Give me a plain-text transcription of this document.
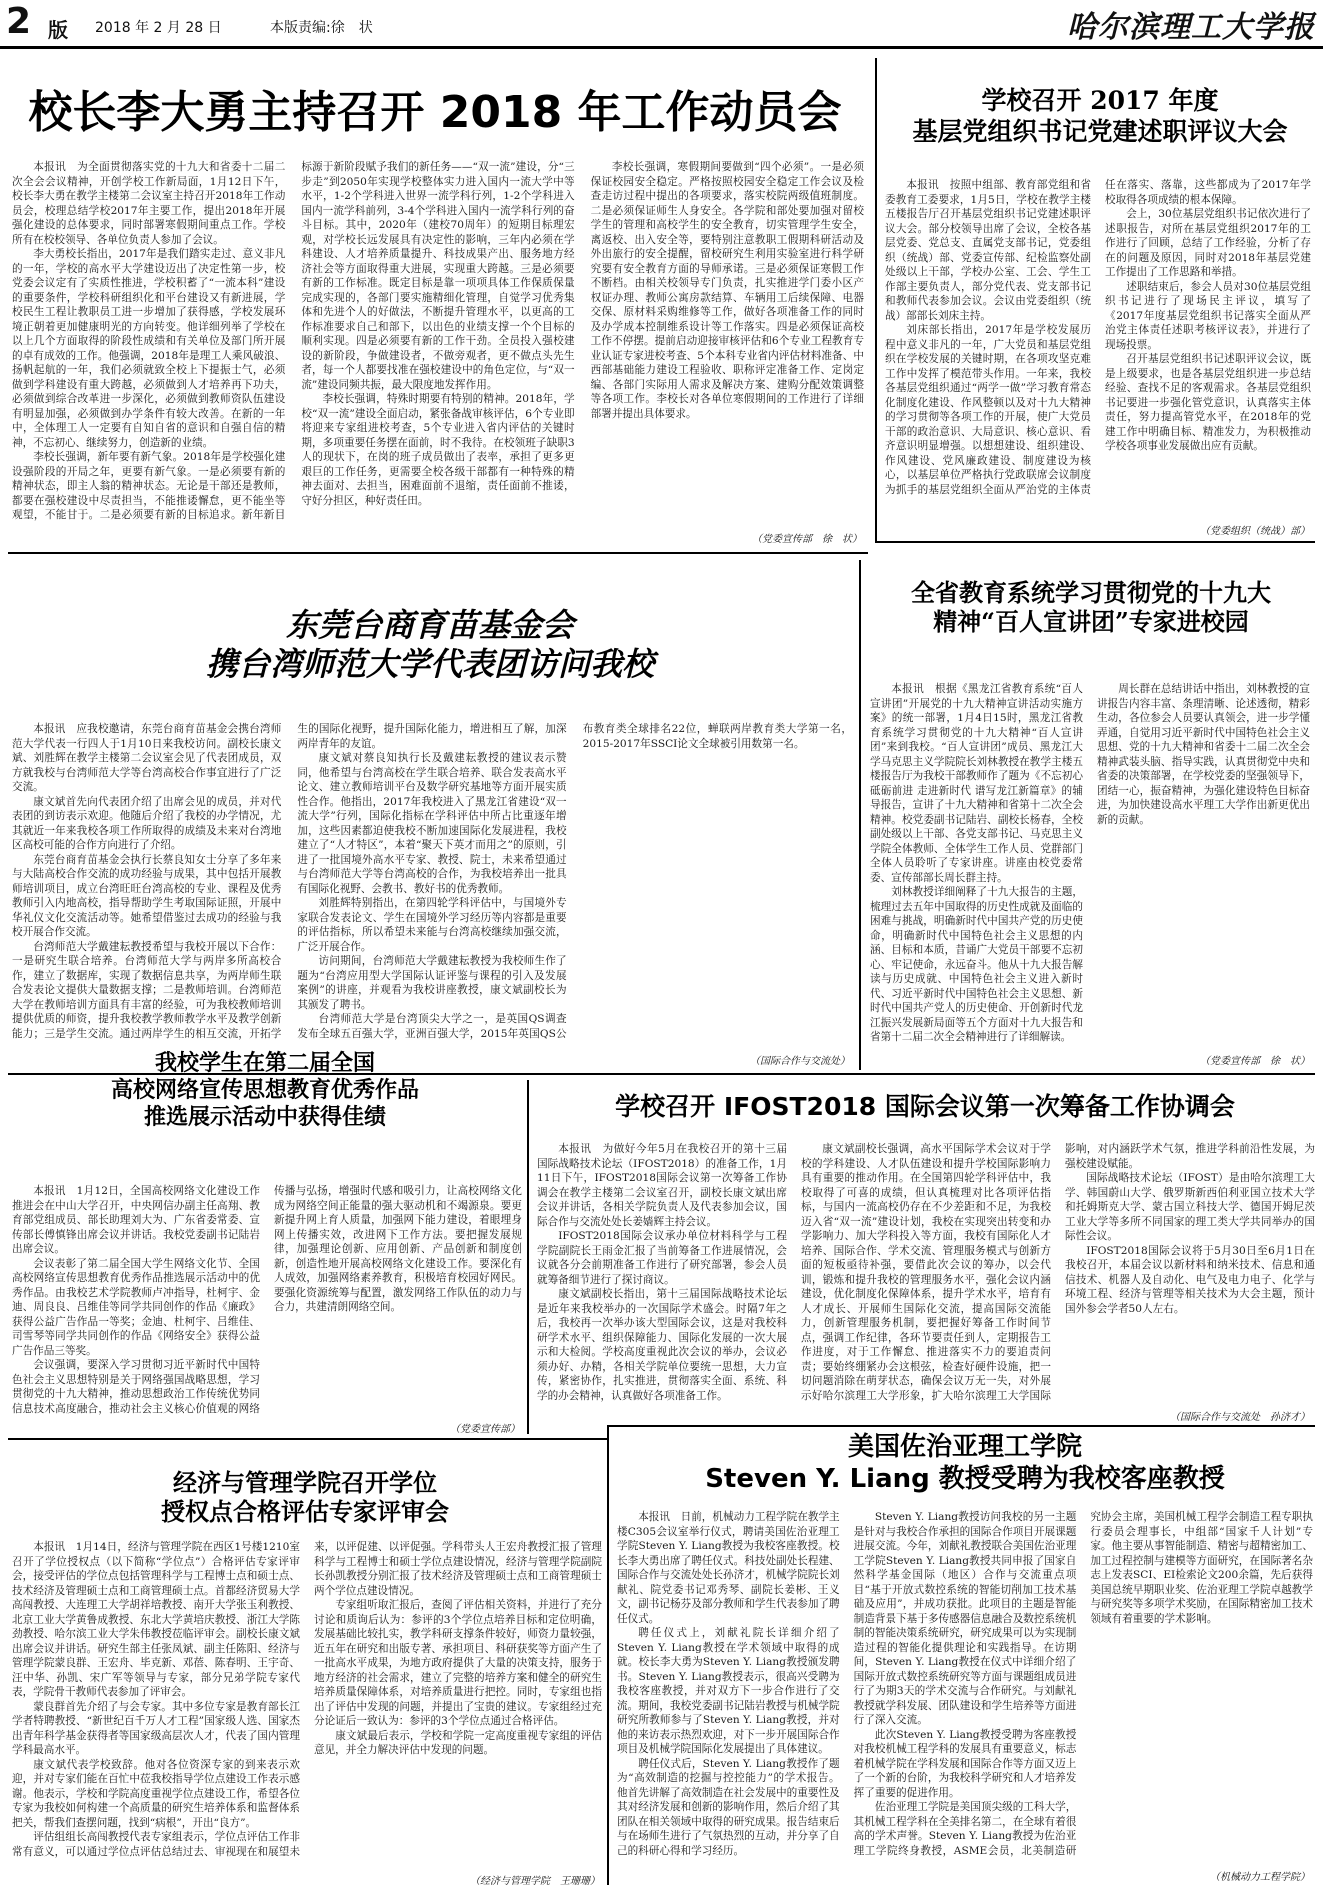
2 版 2018 年 2 月 28 日	本版责编:徐　状	哈尔滨理工大学报
校长李大勇主持召开 2018 年工作动员会

本报讯　为全面贯彻落实党的十九大和省委十二届二次全会会议精神，开创学校工作新局面，1月12日下午，校长李大勇在教学主楼第二会议室主持召开2018年工作动员会，校理总结学校2017年主要工作，提出2018年开展强化建设的总体要求，同时部署寒假期间重点工作。学校所有在校校领导、各单位负责人参加了会议。

李大勇校长指出，2017年是我们踏实走过、意义非凡的一年，学校的高水平大学建设迈出了决定性第一步，校党委会议定有了实质性推进，学校积蓄了“一流本科”建设的重要条件，学校科研组织化和平台建设又有新进展，学校民生工程让教职员工进一步增加了获得感，学校发展环境正朝着更加健康明光的方向转变。他详细列举了学校在以上几个方面取得的阶段性成绩和有关单位及部门所开展的卓有成效的工作。他强调，2018年是理工人乘风破浪、扬帆起航的一年，我们必须就致全校上下提振士气，必须做到学科建设有重大跨越，必须做到人才培养再下功夫，必须做到综合改革进一步深化，必须做到教师资队伍建设有明显加强，必须做到办学条件有较大改善。在新的一年中，全体理工人一定要有自知自省的意识和自强自信的精神，不忘初心、继续努力，创造新的业绩。

李校长强调，新年要有新气象。2018年是学校强化建设强阶段的开局之年，更要有新气象。一是必须要有新的精神状态，即主人翁的精神状态。无论是干部还是教师，都要在强校建设中尽责担当，不能推诿懈怠，更不能坐等观望，不能甘于。二是必须要有新的目标追求。新年新目标源于新阶段赋予我们的新任务——“双一流”建设，分“三步走”到2050年实现学校整体实力进入国内一流大学中等水平，1-2个学科进入世界一流学科行列，1-2个学科进入国内一流学科前列，3-4个学科进入国内一流学科行列的奋斗目标。其中，2020年（建校70周年）的短期目标理宏观，对学校长远发展具有决定性的影响，三年内必须在学科建设、人才培养质量提升、科技成果产出、服务地方经济社会等方面取得重大进展，实现重大跨越。三是必须要有新的工作标准。既定目标是靠一项项具体工作保质保量完成实现的，各部门要实施精细化管理，自觉学习优秀集体和先进个人的好做法，不断提升管理水平，以更高的工作标准要求自己和部下，以出色的业绩支撑一个个目标的顺利实现。四是必须要有新的工作干劲。全员投入强校建设的新阶段，争做建设者，不做旁观者，更不做点头先生者，每一个人都要找准在强校建设中的角色定位，与“双一流”建设同频共振，最大限度地发挥作用。

李校长强调，特殊时期要有特别的精神。2018年，学校“双一流”建设全面启动，紧张备战审核评估，6个专业即将迎来专家组进校考查，5个专业进入省内评估的关键时期，多项重要任务摆在面前，时不我待。在校领班子缺职3人的现状下，在岗的班子成员做出了表率，承担了更多更艰巨的工作任务，更需要全校各级干部都有一种特殊的精神去面对、去担当，困难面前不退缩，责任面前不推诿，守好分担区，种好责任田。

李校长强调，寒假期间要做到“四个必须”。一是必须保证校园安全稳定。严格按照校园安全稳定工作会议及检查走访过程中提出的各项要求，落实校院两级值班制度。二是必须保证师生人身安全。各学院和部处要加强对留校学生的管理和高校学生的安全教育，切实管理学生安全，离返校、出入安全等，要特别注意教职工假期科研活动及外出旅行的安全提醒，留校研究生利用实验室进行科学研究要有安全教育方面的导师承诺。三是必须保证寒假工作不断档。由相关校领导专门负责，扎实推进学门委小区产权证办理、教师公寓房款结算、车辆用工后续保障、电器交保、原材料采购维修等工作，做好各项准备工作的同时及办学成本控制维系设计等工作落实。四是必须保证高校工作不停摆。提前启动迎接审核评估和6个专业工程教育专业认证专家进校考查、5个本科专业省内评估材料准备、中西部基础能力建设工程验收、职称评定准备工作、定岗定编、各部门实际用人需求及解决方案、建购分配效策调整等各项工作。李校长对各单位寒假期间的工作进行了详细部署并提出具体要求。

（党委宣传部　徐　状）
学校召开 2017 年度
基层党组织书记党建述职评议大会

本报讯　按照中组部、教育部党组和省委教育工委要求，1月5日，学校在教学主楼五楼报告厅召开基层党组织书记党建述职评议大会。部分校领导出席了会议，全校各基层党委、党总支、直属党支部书记，党委组织（统战）部、党委宣传部、纪检监察处副处级以上干部，学校办公室、工会、学生工作部主要负责人，部分党代表、党支部书记和教师代表参加会议。会议由党委组织（统战）部部长刘床主持。

刘床部长指出，2017年是学校发展历程中意义非凡的一年，广大党员和基层党组织在学校发展的关键时期，在各项攻坚克难工作中发挥了模范带头作用。一年来，我校各基层党组织通过“两学一做”学习教育常态化制度化建设、作风整顿以及对十九大精神的学习贯彻等各项工作的开展，使广大党员干部的政治意识、大局意识、核心意识、看齐意识明显增强。以想想建设、组织建设、作风建设、党风廉政建设、制度建设为核心，以基层单位严格执行党政联席会议制度为抓手的基层党组织全面从严治党的主体责任在落实、落靠，这些都成为了2017年学校取得各项成绩的根本保障。

会上，30位基层党组织书记依次进行了述职报告，对所在基层党组织2017年的工作进行了回顾，总结了工作经验，分析了存在的问题及原因，同时对2018年基层党建工作提出了工作思路和举措。

述职结束后，参会人员对30位基层党组织书记进行了现场民主评议，填写了《2017年度基层党组织书记落实全面从严治党主体责任述职考核评议表》，并进行了现场投票。

召开基层党组织书记述职评议会议，既是上级要求，也是各基层党组织进一步总结经验、查找不足的客观需求。各基层党组织书记要进一步强化管党意识，认真落实主体责任，努力提高管党水平，在2018年的党建工作中明确目标、精准发力，为积极推动学校各项事业发展做出应有贡献。

（党委组织（统战）部）
东莞台商育苗基金会
携台湾师范大学代表团访问我校

本报讯　应我校邀请，东莞台商育苗基金会携台湾师范大学代表一行四人于1月10日来我校访问。副校长康文斌、刘胜辉在教学主楼第二会议室会见了代表团成员，双方就我校与台湾师范大学等台湾高校合作事宜进行了广泛交流。

康文斌首先向代表团介绍了出席会见的成员，并对代表团的到访表示欢迎。他随后介绍了我校的办学情况，尤其就近一年来我校各项工作所取得的成绩及未来对台湾地区高校可能的合作方向进行了介绍。

东莞台商育苗基金会执行长蔡良知女士分享了多年来与大陆高校合作交流的成功经验与成果，其中包括开展教师培训项目，成立台湾旺旺台湾高校的专业、课程及优秀教师引入内地高校，指导帮助学生考取国际证照，开展中华礼仪文化交流活动等。她希望借鉴过去成功的经验与我校开展合作交流。

台湾师范大学戴建耘教授希望与我校开展以下合作：一是研究生联合培养。台湾师范大学与两岸多所高校合作，建立了数据库，实现了数据信息共享，为两岸师生联合发表论文提供大量数据支撑；二是教师培训。台湾师范大学在教师培训方面具有丰富的经验，可为我校教师培训提供优质的师资，提升我校教学教师教学水平及教学创新能力；三是学生交流。通过两岸学生的相互交流，开拓学生的国际化视野，提升国际化能力，增进相互了解，加深两岸青年的友谊。

康文斌对蔡良知执行长及戴建耘教授的建议表示赞同，他希望与台湾高校在学生联合培养、联合发表高水平论文、建立教师培训平台及数学研究基地等方面开展实质性合作。他指出，2017年我校进入了黑龙江省建设“双一流大学”行列，国际化指标在学科评估中所占比重逐年增加，这些因素都迫使我校不断加速国际化发展进程，我校建立了“人才特区”，本着“聚天下英才而用之”的原则，引进了一批国境外高水平专家、教授、院士，未来希望通过与台湾师范大学等台湾高校的合作，为我校培养出一批具有国际化视野、会教书、教好书的优秀教师。

刘胜辉特别指出，在第四轮学科评估中，与国境外专家联合发表论文、学生在国境外学习经历等内容都是重要的评估指标，所以希望未来能与台湾高校继续加强交流，广泛开展合作。

访问期间，台湾师范大学戴建耘教授为我校师生作了题为“台湾应用型大学国际认证评鉴与课程的引入及发展案例”的讲座，并观看为我校讲座教授，康文斌副校长为其颁发了聘书。

台湾师范大学是台湾顶尖大学之一，是英国QS调查发布全球五百强大学，亚洲百强大学，2015年英国QS公布教育类全球排名22位，蝉联两岸教育类大学第一名，2015-2017年SSCI论文全球被引用数第一名。

（国际合作与交流处）
全省教育系统学习贯彻党的十九大
精神“百人宣讲团”专家进校园

本报讯　根据《黑龙江省教育系统“百人宣讲团”开展党的十九大精神宣讲活动实施方案》的统一部署，1月4日15时，黑龙江省教育系统学习贯彻党的十九大精神“百人宣讲团”来到我校。“百人宣讲团”成员、黑龙江大学马克思主义学院院长刘林教授在教学主楼五楼报告厅为我校干部教师作了题为《不忘初心 砥砺前进 走进新时代 谱写龙江新篇章》的辅导报告，宣讲了十九大精神和省第十二次全会精神。校党委副书记陆岩、副校长杨春，全校副处级以上干部、各党支部书记、马克思主义学院全体教师、全体学生工作人员、党群部门全体人员聆听了专家讲座。讲座由校党委常委、宣传部部长周长群主持。

刘林教授详细阐释了十九大报告的主题，梳理过去五年中国取得的历史性成就及面临的困难与挑战，明确新时代中国共产党的历史使命，明确新时代中国特色社会主义思想的内涵、目标和本质，昔诵广大党员干部要不忘初心、牢记使命，永远奋斗。他从十九大报告解读与历史成就、中国特色社会主义进入新时代、习近平新时代中国特色社会主义思想、新时代中国共产党人的历史使命、开创新时代龙江振兴发展新局面等五个方面对十九大报告和省第十二届二次全会精神进行了详细解读。

周长群在总结讲话中指出，刘林教授的宣讲报告内容丰富、条理清晰、论述透彻，精彩生动，各位参会人员要认真领会，进一步学懂弄通，自觉用习近平新时代中国特色社会主义思想、党的十九大精神和省委十二届二次全会精神武装头脑、指导实践，认真贯彻党中央和省委的决策部署，在学校党委的坚强领导下，团结一心，振奋精神，为强化建设特色目标奋进，为加快建设高水平理工大学作出新更优出新的贡献。

（党委宣传部　徐　状）
我校学生在第二届全国
高校网络宣传思想教育优秀作品
推选展示活动中获得佳绩

本报讯　1月12日，全国高校网络文化建设工作推进会在中山大学召开，中央网信办副主任高翔、教育部党组成员、部长助理刘大为、广东省委常委、宣传部长傅慎锋出席会议并讲话。我校党委副书记陆岩出席会议。

会议表彰了第二届全国大学生网络文化节、全国高校网络宣传思想教育优秀作品推选展示活动中的优秀作品。由我校艺术学院教师卢冲指导，杜柯宇、金迪、周良良、吕维佳等同学共同创作的作品《廉政》获得公益广告作品一等奖；金迪、杜柯宇、吕维佳、司雪琴等同学共同创作的作品《网络安全》获得公益广告作品三等奖。

会议强调，要深入学习贯彻习近平新时代中国特色社会主义思想特别是关于网络强国战略思想，学习贯彻党的十九大精神，推动思想政治工作传统优势同信息技术高度融合，推动社会主义核心价值观的网络传播与弘扬，增强时代感和吸引力，让高校网络文化成为网络空间正能量的强大驱动机和不竭源泉。要更新提升网上育人质量，加强网下能力建设，着眼埋身网上传播实效，改进网下工作方法。要把握发展规律，加强理论创新、应用创新、产品创新和制度创新，创造性地开展高校网络文化建设工作。要深化有人成效，加强网络素养教育，积极培育校园好网民。要强化资源统筹与配置，激发网络工作队伍的动力与合力，共建清朗网络空间。

（党委宣传部）
学校召开 IFOST2018 国际会议第一次筹备工作协调会

本报讯　为做好今年5月在我校召开的第十三届国际战略技术论坛（IFOST2018）的准备工作，1月11日下午，IFOST2018国际会议第一次筹备工作协调会在教学主楼第二会议室召开，副校长康文斌出席会议并讲话，各相关学院负责人及代表参加会议，国际合作与交流处处长姜嫱辉主持会议。

IFOST2018国际会议承办单位材料科学与工程学院副院长王雨金汇报了当前筹备工作进展情况，会议就各分会前期准备工作进行了研究部署，参会人员就筹备细节进行了探讨商议。

康文斌副校长指出，第十三届国际战略技术论坛是近年来我校举办的一次国际学术盛会。时隔7年之后，我校再一次举办该大型国际会议，这是对我校科研学术水平、组织保障能力、国际化发展的一次大展示和大检阅。学校高度重视此次会议的举办，会议必须办好、办精，各相关学院单位要统一思想，大力宣传，紧密协作，扎实推进，贯彻落实全面、系统、科学的办会精神，认真做好各项准备工作。

康文斌副校长强调，高水平国际学术会议对于学校的学科建设、人才队伍建设和提升学校国际影响力具有重要的推动作用。在全国第四轮学科评估中，我校取得了可喜的成绩，但认真梳理对比各项评估指标，与国内一流高校仍存在不少差距和不足，为我校迈入省“双一流”建设计划，我校在实现突出转变和办学影响力、加大学科投入等方面，我校有国际化人才培养、国际合作、学术交流、管理服务模式与创新方面的短板亟待补强，要借此次会议的筹办，以会代训，锻炼和提升我校的管理服务水平，强化会议内涵建设，优化制度化保障体系，提升学术水平，培育有人才成长、开展师生国际化交流，提高国际交流能力，创新管理服务机制，要把握好筹备工作时间节点，强调工作纪律，各环节要责任到人，定期报告工作进度，对于工作懈怠、推进落实不力的要追责问责；要始终绷紧办会这根弦，检查好硬件设施，把一切问题消除在萌芽状态，确保会议万无一失，对外展示好哈尔滨理工大学形象，扩大哈尔滨理工大学国际影响，对内涵跃学术气氛，推进学科前沿性发展，为强校建设赋能。

国际战略技术论坛（IFOST）是由哈尔滨理工大学、韩国蔚山大学、俄罗斯新西伯利亚国立技术大学和托姆斯克大学、蒙古国立科技大学、德国开姆尼茨工业大学等多所不同国家的理工类大学共同举办的国际性会议。

IFOST2018国际会议将于5月30日至6月1日在我校召开，本届会议以新材料和纳米技术、信息和通信技术、机器人及自动化、电气及电力电子、化学与环境工程、经济与管理等相关技术为大会主题，预计国外参会学者50人左右。

（国际合作与交流处　孙济才）
经济与管理学院召开学位
授权点合格评估专家评审会

本报讯　1月14日，经济与管理学院在西区1号楼1210室召开了学位授权点（以下简称“学位点”）合格评估专家评审会，接受评估的学位点包括管理科学与工程博士点和硕士点、技术经济及管理硕士点和工商管理硕士点。首都经济贸易大学高闯教授、大连理工大学胡祥培教授、南开大学张玉利教授、北京工业大学黄鲁成教授、东北大学黄培庆教授、浙江大学陈劲教授、哈尔滨工业大学朱伟教授莅临评审会。副校长康文斌出席会议并讲话。研究生部主任张凤斌、副主任陈阳、经济与管理学院蒙良群、王宏舟、毕克新、邓蓓、陈春明、王宇奇、汪中华、孙凯、宋广军等领导与专家，部分兄弟学院专家代表，学院骨干教师代表参加了评审会。

蒙良群首先介绍了与会专家。其中多位专家是教育部长江学者特聘教授、“新世纪百千万人才工程”国家级人选、国家杰出青年科学基金获得者等国家级高层次人才，代表了国内管理学科最高水平。

康文斌代表学校致辞。他对各位资深专家的到来表示欢迎，并对专家们能在百忙中莅我校指导学位点建设工作表示感谢。他表示，学校和学院高度重视学位点建设工作，希望各位专家为我校如何构建一个高质量的研究生培养体系和监督体系把关，帮我们查摆问题，找到“病根”，开出“良方”。

评估组组长高闯教授代表专家组表示，学位点评估工作非常有意义，可以通过学位点评估总结过去、审视现在和展望未来，以评促建、以评促强。学科带头人王宏舟教授汇报了管理科学与工程博士和硕士学位点建设情况，经济与管理学院副院长孙凯教授分别汇报了技术经济及管理硕士点和工商管理硕士两个学位点建设情况。

专家组听取汇报后，查阅了评估相关资料，并进行了充分讨论和质询后认为：参评的3个学位点培养目标和定位明确，发展基础比较扎实，教学科研支撑条件较好，师资力量较强，近五年在研究和出版专著、承担项目、科研获奖等方面产生了一批高水平成果，为地方政府提供了大量的决策支持，服务于地方经济的社会需求，建立了完整的培养方案和健全的研究生培养质量保障体系，对培养质量进行把控。同时，专家组也指出了评估中发现的问题，并提出了宝贵的建议。专家组经过充分论证后一致认为：参评的3个学位点通过合格评估。

康文斌最后表示，学校和学院一定高度重视专家组的评估意见，并全力解决评估中发现的问题。

（经济与管理学院　王珊珊）
美国佐治亚理工学院
Steven Y. Liang 教授受聘为我校客座教授

本报讯　日前，机械动力工程学院在教学主楼C305会议室举行仪式，聘请美国佐治亚理工学院Steven Y. Liang教授为我校客座教授。校长李大勇出席了聘任仪式。科技处副处长程建、国际合作与交流处处长孙济才，机械学院院长刘献礼、院党委书记邓秀琴、副院长姜彬、王义文，副书记杨芬及部分教师和学生代表参加了聘任仪式。

聘任仪式上，刘献礼院长详细介绍了Steven Y. Liang教授在学术领域中取得的成就。校长李大勇为Steven Y. Liang教授颁发聘书。Steven Y. Liang教授表示，很高兴受聘为我校客座教授，并对双方下一步合作进行了交流。期间，我校党委副书记陆岩教授与机械学院研究所教师参与了Steven Y. Liang教授，并对他的来访表示热烈欢迎，对下一步开展国际合作项目及机械学院国际化发展提出了具体建议。

聘任仪式后，Steven Y. Liang教授作了题为“高效制造的挖掘与控控能力”的学术报告。他首先讲解了高效制造在社会发展中的重要性及其对经济发展和创新的影响作用，然后介绍了其团队在相关领域中取得的研究成果。报告结束后与在场师生进行了气氛热烈的互动，并分享了自己的科研心得和学习经历。

Steven Y. Liang教授访问我校的另一主题是针对与我校合作承担的国际合作项目开展课题进展交流。今年，刘献礼教授联合美国佐治亚理工学院Steven Y. Liang教授共同申报了国家自然科学基金国际（地区）合作与交流重点项目“基于开放式数控系统的智能切削加工技术基础及应用”，并成功获批。此项目的主题是智能制造背景下基于多传感器信息融合及数控系统机制的智能决策系统研究，研究成果可以为实现制造过程的智能化提供理论和实践指导。在访期间，Steven Y. Liang教授在仪式中详细介绍了国际开放式数控系统研究等方面与课题组成员进行了为期3天的学术交流与合作研究。与刘献礼教授就学科发展、团队建设和学生培养等方面进行了深入交流。

此次Steven Y. Liang教授受聘为客座教授对我校机械工程学科的发展具有重要意义，标志着机械学院在学科发展和国际合作等方面又迈上了一个新的台阶，为我校科学研究和人才培养发挥了重要的促进作用。

佐治亚理工学院是美国顶尖级的工科大学，其机械工程学科在全美排名第二，在全球有着很高的学术声誉。Steven Y. Liang教授为佐治亚理工学院终身教授，ASME会员，北美制造研究协会主席，美国机械工程学会制造工程专职执行委员会理事长，中组部“国家千人计划”专家。他主要从事智能制造、精密与超精密加工、加工过程控制与建模等方面研究，在国际著名杂志上发表SCI、EI检索论文200余篇，先后获得美国总统早期职业奖、佐治亚理工学院卓越教学与研究奖等多项学术奖励，在国际精密加工技术领域有着重要的学术影响。

（机械动力工程学院）
